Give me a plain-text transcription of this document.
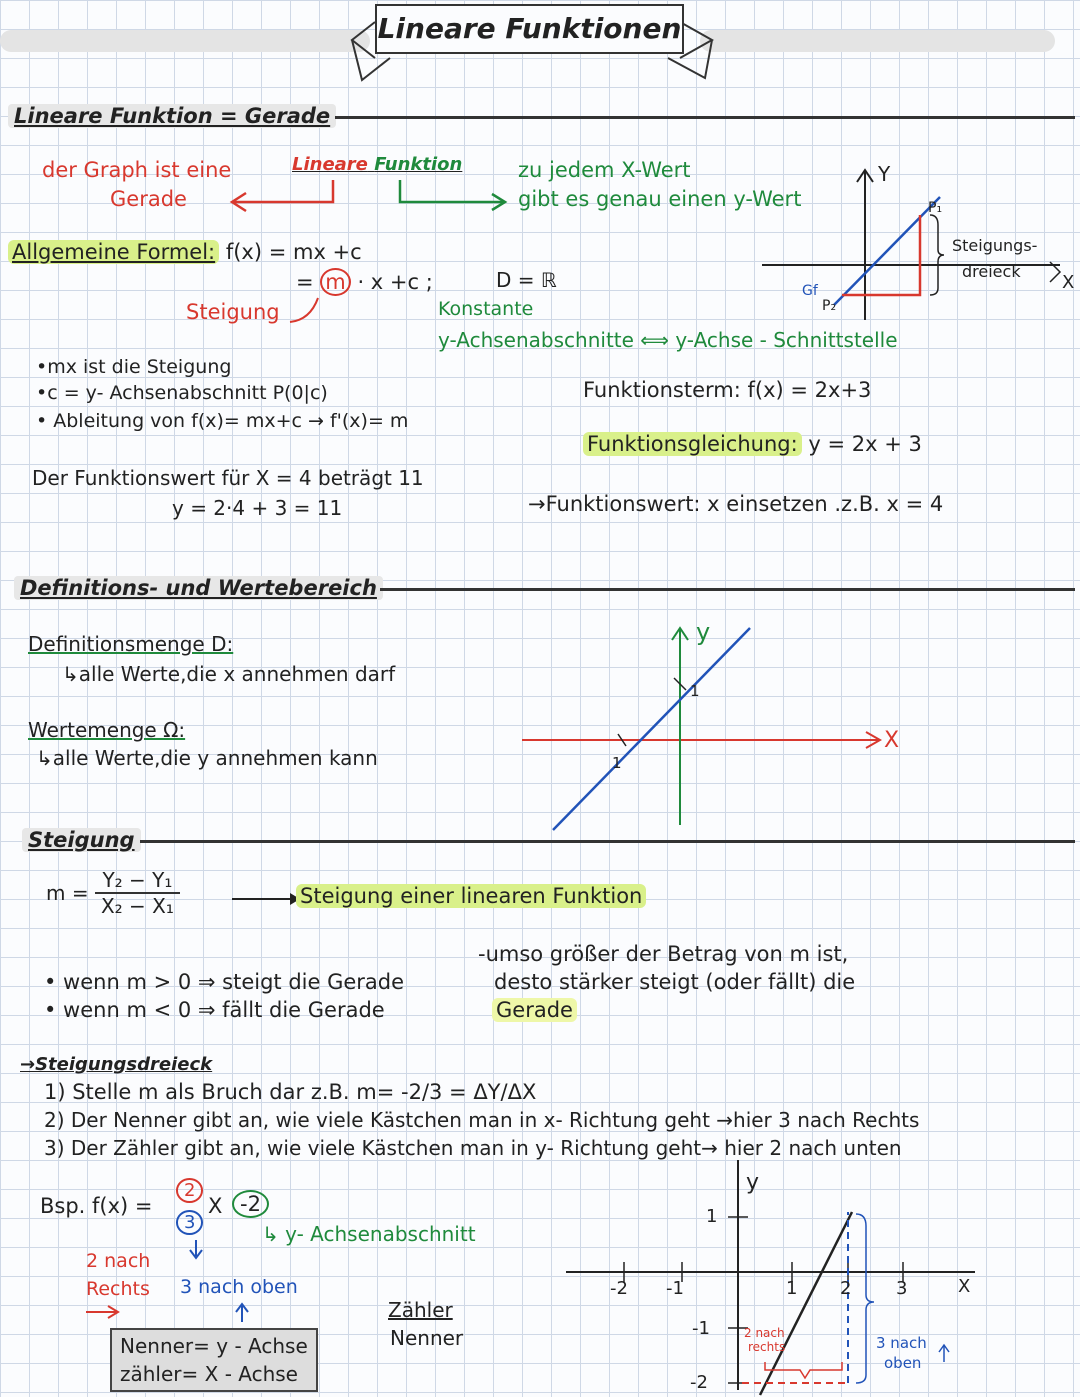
Lineare Funktionen
Lineare Funktion = Gerade
der Graph ist eine
Gerade
Lineare Funktion	zu jedem X-Wert
gibt es genau einen y-Wert
Allgemeine Formel: f(x) = mx +c
= m · x +c ;	D = ℝ
Steigung	Konstante
y-Achsenabschnitte ⟺ y-Achse - Schnittstelle
•mx ist die Steigung
•c = y- Achsenabschnitt P(0|c)
• Ableitung von f(x)= mx+c → f'(x)= m
Der Funktionswert für X = 4 beträgt 11
y = 2·4 + 3 = 11
Funktionsterm: f(x) = 2x+3
Funktionsgleichung: y = 2x + 3
→Funktionswert: x einsetzen .z.B. x = 4
Y
P₁
P₂
Gf
Steigungs-
dreieck
X
Definitions- und Wertebereich
Definitionsmenge D:
↳alle Werte,die x annehmen darf
Wertemenge Ω:
↳alle Werte,die y annehmen kann
y
X
1
1
Steigung
$m = \frac{\text{Y₂ − Y₁}}{\text{X₂ − X₁}}$	Steigung einer linearen Funktion
• wenn m > 0 ⇒ steigt die Gerade
• wenn m < 0 ⇒ fällt die Gerade
-umso größer der Betrag von m ist,
desto stärker steigt (oder fällt) die
Gerade
→Steigungsdreieck
1) Stelle m als Bruch dar z.B. m= -2/3 = ΔY/ΔX
2) Der Nenner gibt an, wie viele Kästchen man in x- Richtung geht →hier 3 nach Rechts
3) Der Zähler gibt an, wie viele Kästchen man in y- Richtung geht→ hier 2 nach unten
Bsp. f(x) =
2
3
X -2
↳ y- Achsenabschnitt
2 nach
Rechts 3 nach oben
Nenner= y - Achse
zähler= X - Achse
Zähler
Nenner
y
-2 -1	1 2 3
1
-1
-2
X
2 nach
rechts	3 nach
oben
